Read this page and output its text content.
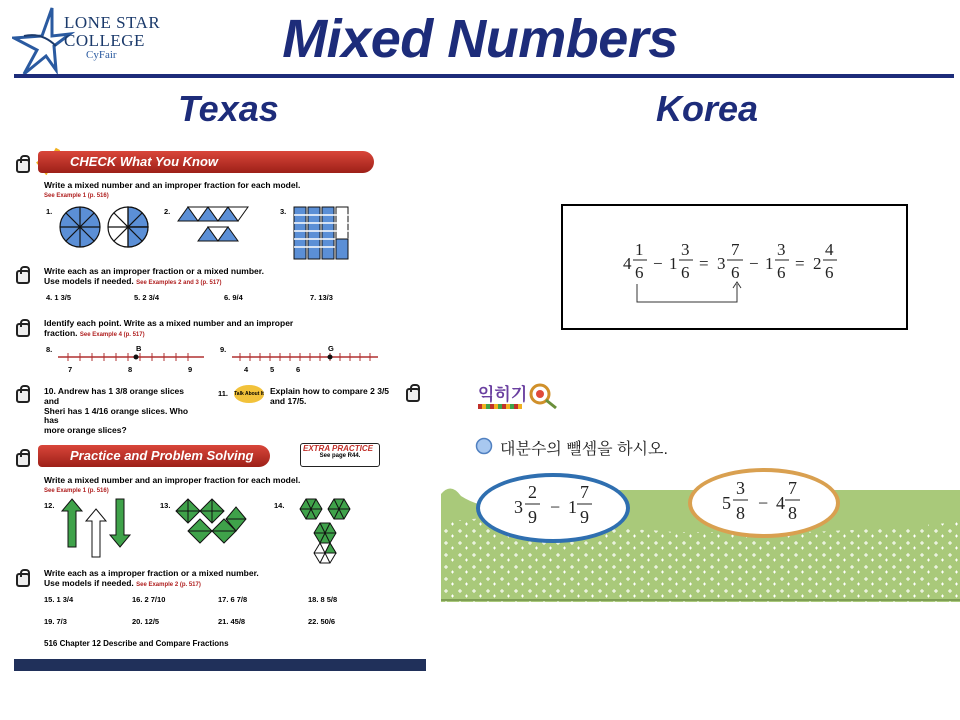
LONE STAR
COLLEGE
CyFair	Mixed Numbers
Texas	Korea
CHECK What You Know
Write a mixed number and an improper fraction for each model.
See Example 1 (p. 516)
1.	2.	3.
Write each as an improper fraction or a mixed number.
Use models if needed. See Examples 2 and 3 (p. 517)
4. 1 3/5	5. 2 3/4	6. 9/4	7. 13/3
Identify each point. Write as a mixed number and an improper
fraction. See Example 4 (p. 517)
8.	B
7	8	9
9.	G
4	5	6
10. Andrew has 1 3/8 orange slices and
Sheri has 1 4/16 orange slices. Who has
more orange slices?
11. Talk About It Explain how to compare 2 3/5
and 17/5.
Practice and Problem Solving	EXTRA PRACTICE
See page R44.
Write a mixed number and an improper fraction for each model.
See Example 1 (p. 516)
12.	13.	14.
Write each as a improper fraction or a mixed number.
Use models if needed. See Example 2 (p. 517)
15. 1 3/4	16. 2 7/10	17. 6 7/8	18. 8 5/8
19. 7/3	20. 12/5	21. 45/8	22. 50/6
516 Chapter 12 Describe and Compare Fractions
4
1
6 − 1
3
6 = 3
7
6 − 1
3
6 = 2
4
6
익히기
대분수의 뺄셈을 하시오.
3
2
9 − 1
7
9
5
3
8 − 4
7
8
